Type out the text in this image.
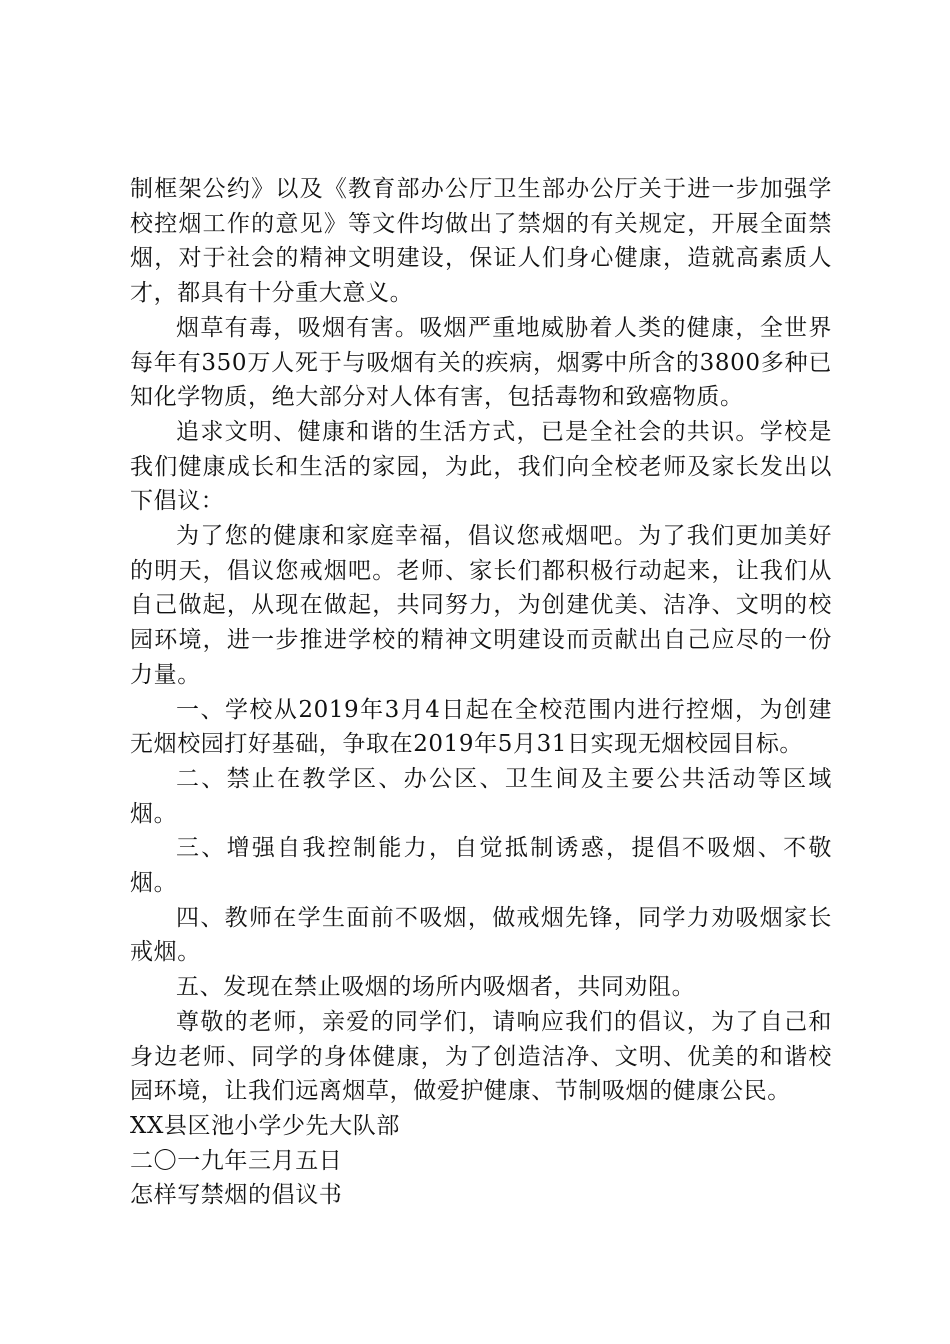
制框架公约》以及《教育部办公厅卫生部办公厅关于进一步加强学校控烟工作的意见》等文件均做出了禁烟的有关规定，开展全面禁烟，对于社会的精神文明建设，保证人们身心健康，造就高素质人才，都具有十分重大意义。

烟草有毒，吸烟有害。吸烟严重地威胁着人类的健康，全世界每年有350万人死于与吸烟有关的疾病，烟雾中所含的3800多种已知化学物质，绝大部分对人体有害，包括毒物和致癌物质。

追求文明、健康和谐的生活方式，已是全社会的共识。学校是我们健康成长和生活的家园，为此，我们向全校老师及家长发出以下倡议：

为了您的健康和家庭幸福，倡议您戒烟吧。为了我们更加美好的明天，倡议您戒烟吧。老师、家长们都积极行动起来，让我们从自己做起，从现在做起，共同努力，为创建优美、洁净、文明的校园环境，进一步推进学校的精神文明建设而贡献出自己应尽的一份力量。

一、学校从2019年3月4日起在全校范围内进行控烟，为创建无烟校园打好基础，争取在2019年5月31日实现无烟校园目标。

二、禁止在教学区、办公区、卫生间及主要公共活动等区域烟。

三、增强自我控制能力，自觉抵制诱惑，提倡不吸烟、不敬烟。

四、教师在学生面前不吸烟，做戒烟先锋，同学力劝吸烟家长戒烟。

五、发现在禁止吸烟的场所内吸烟者，共同劝阻。

尊敬的老师，亲爱的同学们，请响应我们的倡议，为了自己和身边老师、同学的身体健康，为了创造洁净、文明、优美的和谐校园环境，让我们远离烟草，做爱护健康、节制吸烟的健康公民。

XX县区池小学少先大队部

二〇一九年三月五日

怎样写禁烟的倡议书
